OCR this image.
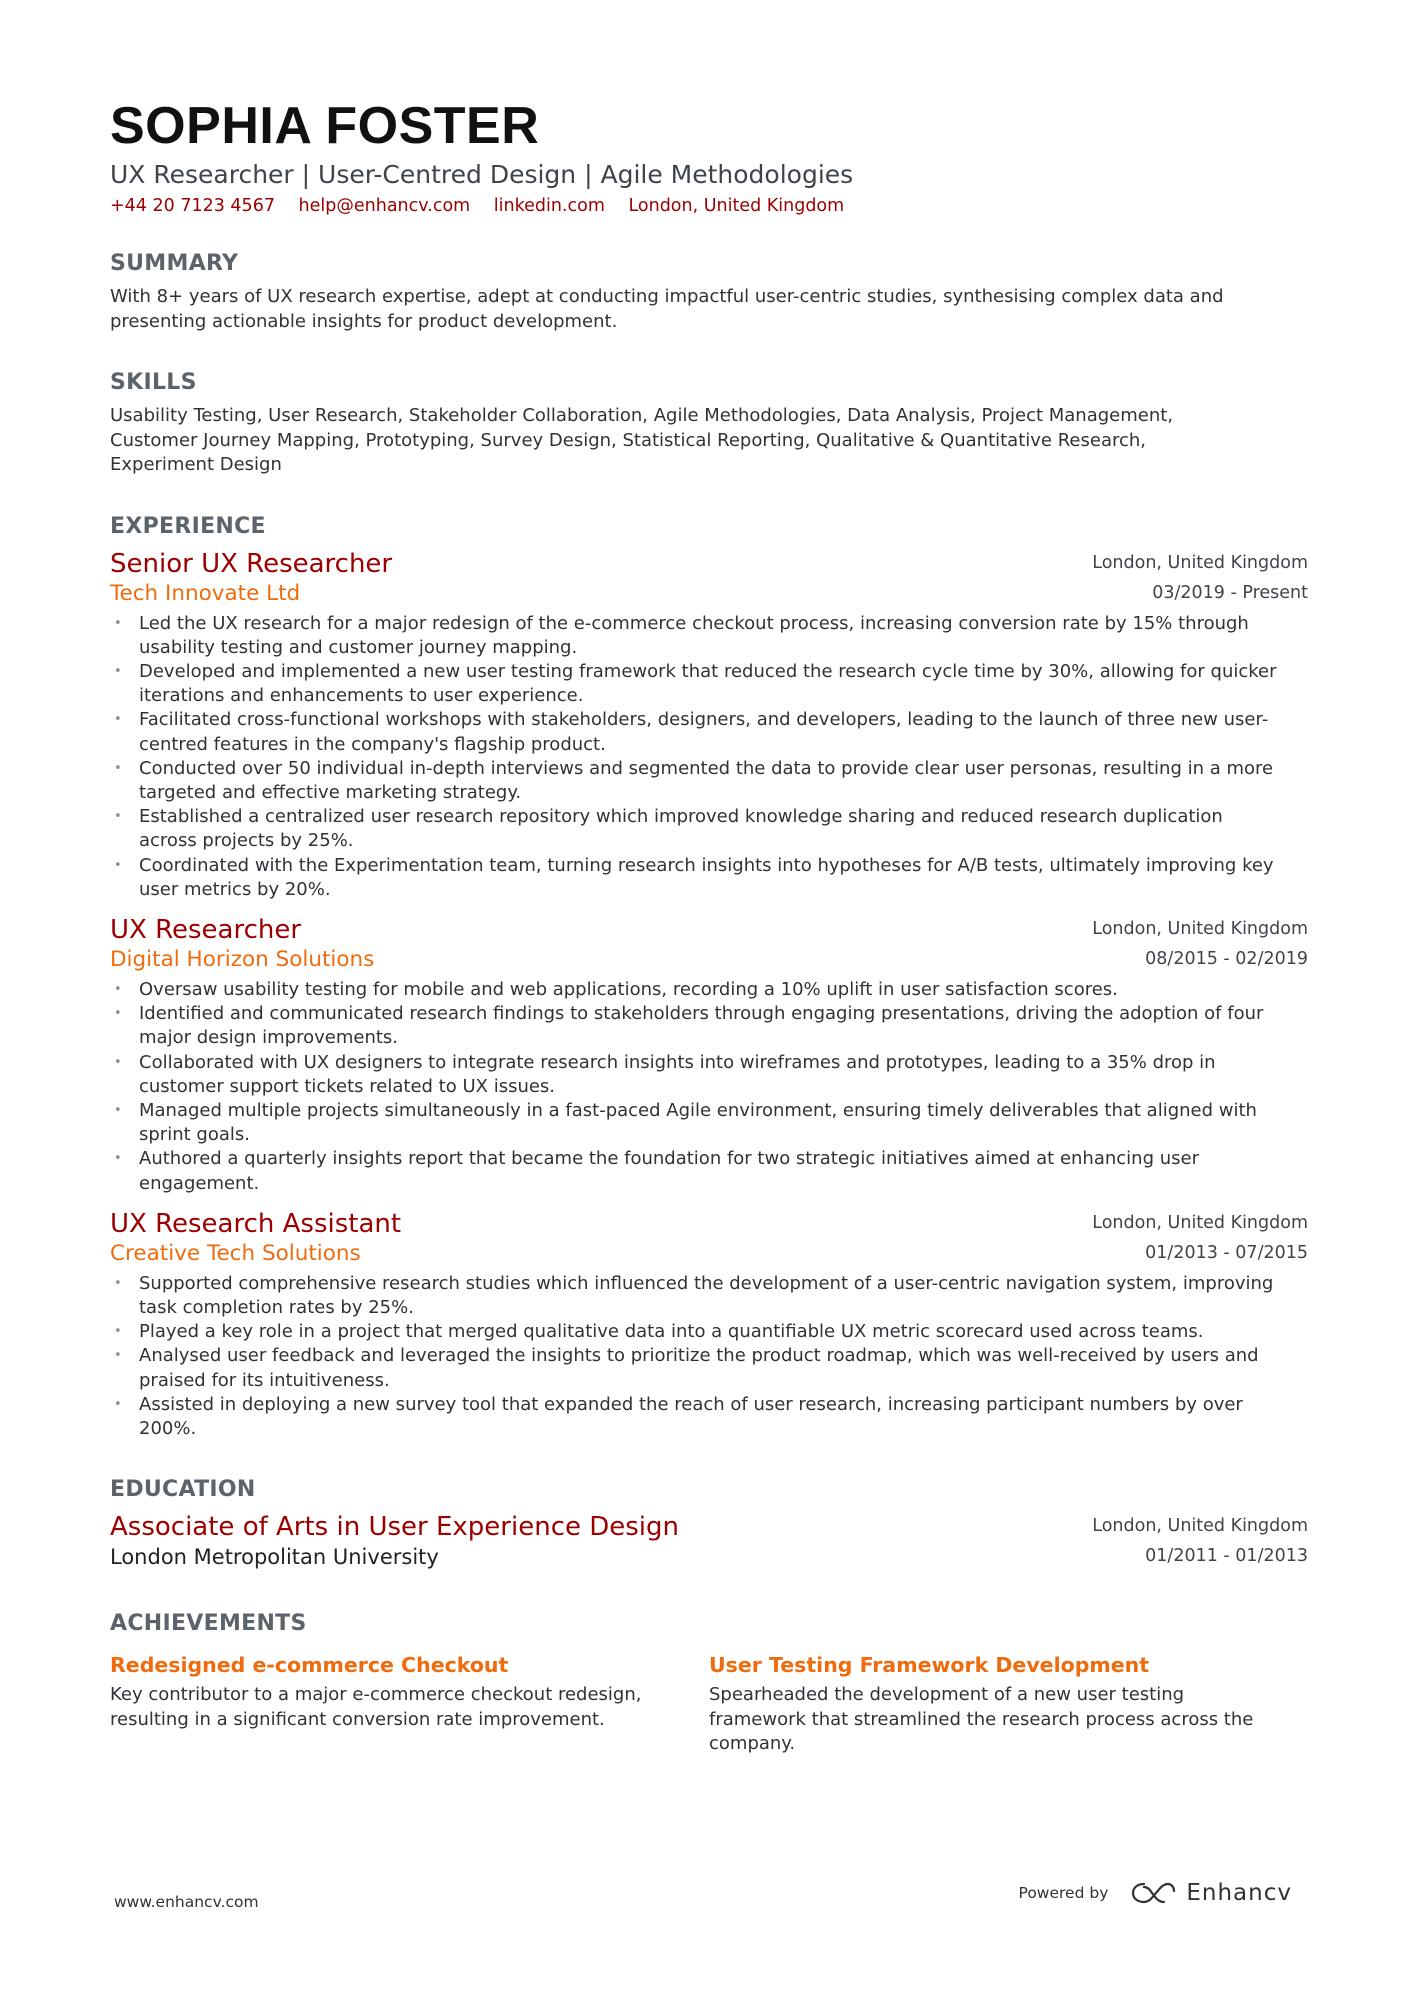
SOPHIA FOSTER
UX Researcher | User-Centred Design | Agile Methodologies
+44 20 7123 4567 help@enhancv.com linkedin.com London, United Kingdom
SUMMARY
With 8+ years of UX research expertise, adept at conducting impactful user-centric studies, synthesising complex data and
presenting actionable insights for product development.
SKILLS
Usability Testing, User Research, Stakeholder Collaboration, Agile Methodologies, Data Analysis, Project Management,
Customer Journey Mapping, Prototyping, Survey Design, Statistical Reporting, Qualitative & Quantitative Research,
Experiment Design
EXPERIENCE
Senior UX Researcher
Tech Innovate Ltd
London, United Kingdom
03/2019 - Present
• Led the UX research for a major redesign of the e-commerce checkout process, increasing conversion rate by 15% through
usability testing and customer journey mapping.
• Developed and implemented a new user testing framework that reduced the research cycle time by 30%, allowing for quicker
iterations and enhancements to user experience.
• Facilitated cross-functional workshops with stakeholders, designers, and developers, leading to the launch of three new user-
centred features in the company's flagship product.
• Conducted over 50 individual in-depth interviews and segmented the data to provide clear user personas, resulting in a more
targeted and effective marketing strategy.
• Established a centralized user research repository which improved knowledge sharing and reduced research duplication
across projects by 25%.
• Coordinated with the Experimentation team, turning research insights into hypotheses for A/B tests, ultimately improving key
user metrics by 20%.
UX Researcher
Digital Horizon Solutions
London, United Kingdom
08/2015 - 02/2019
• Oversaw usability testing for mobile and web applications, recording a 10% uplift in user satisfaction scores.
• Identified and communicated research findings to stakeholders through engaging presentations, driving the adoption of four
major design improvements.
• Collaborated with UX designers to integrate research insights into wireframes and prototypes, leading to a 35% drop in
customer support tickets related to UX issues.
• Managed multiple projects simultaneously in a fast-paced Agile environment, ensuring timely deliverables that aligned with
sprint goals.
• Authored a quarterly insights report that became the foundation for two strategic initiatives aimed at enhancing user
engagement.
UX Research Assistant
Creative Tech Solutions
London, United Kingdom
01/2013 - 07/2015
• Supported comprehensive research studies which influenced the development of a user-centric navigation system, improving
task completion rates by 25%.
• Played a key role in a project that merged qualitative data into a quantifiable UX metric scorecard used across teams.
• Analysed user feedback and leveraged the insights to prioritize the product roadmap, which was well-received by users and
praised for its intuitiveness.
• Assisted in deploying a new survey tool that expanded the reach of user research, increasing participant numbers by over
200%.
EDUCATION
Associate of Arts in User Experience Design
London Metropolitan University
London, United Kingdom
01/2011 - 01/2013
ACHIEVEMENTS
Redesigned e-commerce Checkout
Key contributor to a major e-commerce checkout redesign,
resulting in a significant conversion rate improvement.
User Testing Framework Development
Spearheaded the development of a new user testing
framework that streamlined the research process across the
company.
www.enhancv.com	Powered by	Enhancv
